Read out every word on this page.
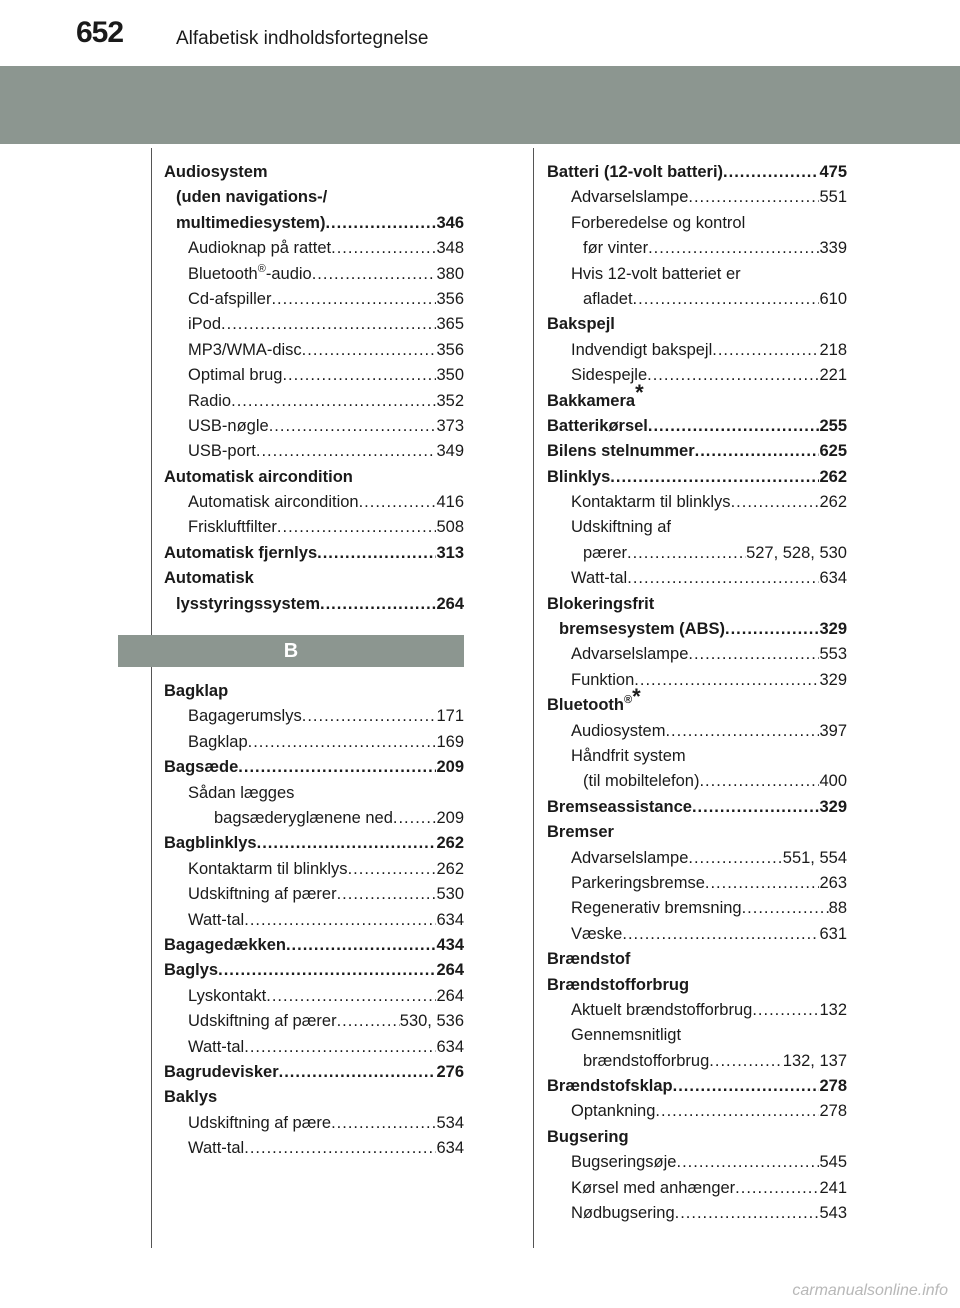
652	Alfabetisk indholdsfortegnelse
Audiosystem
(uden navigations-/
multimediesystem) .....	346
Audioknap på rattet .....	348
Bluetooth®-audio .....	380
Cd-afspiller .....	356
iPod .....	365
MP3/WMA-disc .....	356
Optimal brug .....	350
Radio .....	352
USB-nøgle .....	373
USB-port .....	349
Automatisk aircondition
Automatisk aircondition .....	416
Friskluftfilter .....	508
Automatisk fjernlys .....	313
Automatisk
lysstyringssystem .....	264
B
Bagklap
Bagagerumslys .....	171
Bagklap .....	169
Bagsæde .....	209
Sådan lægges
bagsæderyglænene ned .....	209
Bagblinklys .....	262
Kontaktarm til blinklys .....	262
Udskiftning af pærer .....	530
Watt-tal .....	634
Bagagedækken .....	434
Baglys .....	264
Lyskontakt .....	264
Udskiftning af pærer .....	530, 536
Watt-tal .....	634
Bagrudevisker .....	276
Baklys
Udskiftning af pære .....	534
Watt-tal .....	634
Batteri (12-volt batteri) .....	475
Advarselslampe .....	551
Forberedelse og kontrol
før vinter .....	339
Hvis 12-volt batteriet er
afladet .....	610
Bakspejl
Indvendigt bakspejl .....	218
Sidespejle .....	221
Bakkamera*
Batterikørsel .....	255
Bilens stelnummer .....	625
Blinklys .....	262
Kontaktarm til blinklys .....	262
Udskiftning af
pærer .....	527, 528, 530
Watt-tal .....	634
Blokeringsfrit
bremsesystem (ABS) .....	329
Advarselslampe .....	553
Funktion .....	329
Bluetooth®*
Audiosystem .....	397
Håndfrit system
(til mobiltelefon) .....	400
Bremseassistance .....	329
Bremser
Advarselslampe .....	551, 554
Parkeringsbremse .....	263
Regenerativ bremsning .....	88
Væske .....	631
Brændstof
Brændstofforbrug
Aktuelt brændstofforbrug .....	132
Gennemsnitligt
brændstofforbrug .....	132, 137
Brændstofsklap .....	278
Optankning .....	278
Bugsering
Bugseringsøje .....	545
Kørsel med anhænger .....	241
Nødbugsering .....	543
carmanualsonline.info
